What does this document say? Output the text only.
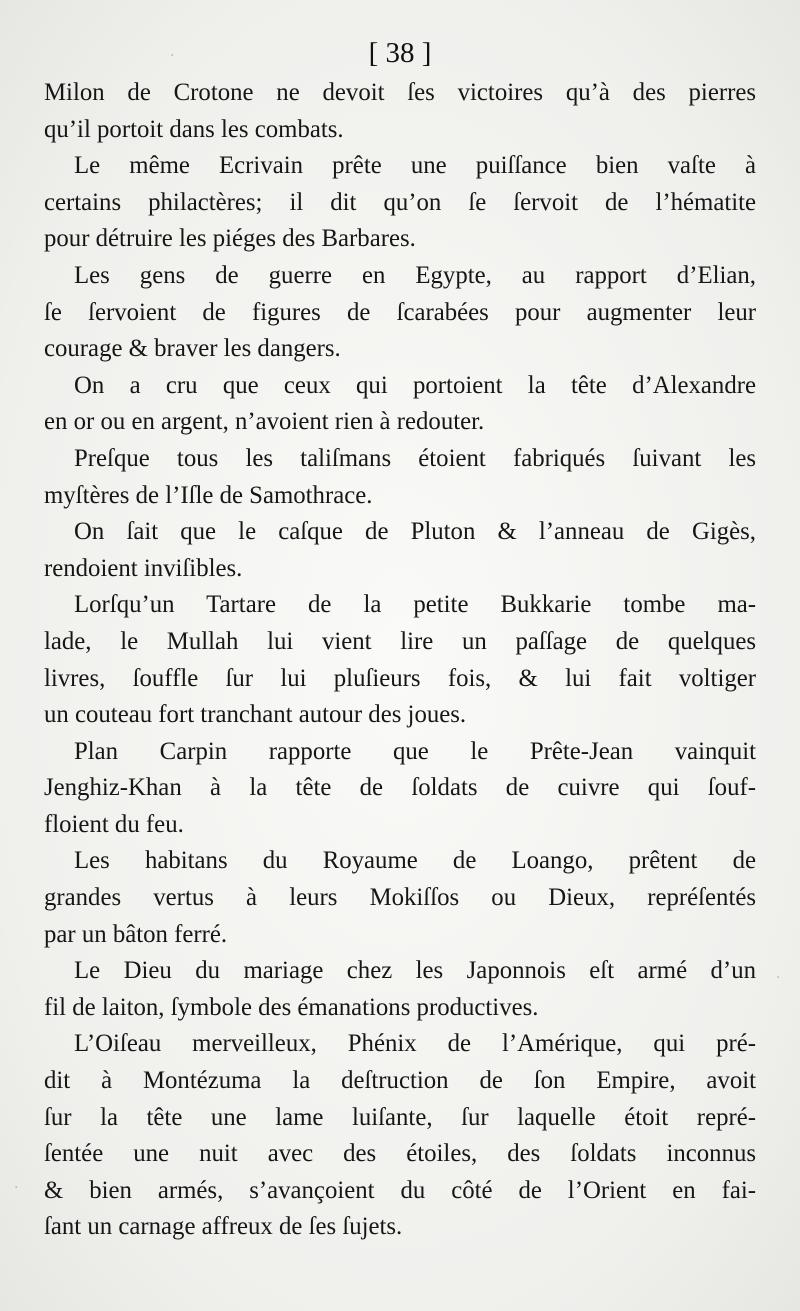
[ 38 ]
Milon de Crotone ne devoit ſes victoires qu’à des pierres
qu’il portoit dans les combats.
Le même Ecrivain prête une puiſſance bien vaſte à
certains philactères; il dit qu’on ſe ſervoit de l’hématite
pour détruire les piéges des Barbares.
Les gens de guerre en Egypte, au rapport d’Elian,
ſe ſervoient de figures de ſcarabées pour augmenter leur
courage & braver les dangers.
On a cru que ceux qui portoient la tête d’Alexandre
en or ou en argent, n’avoient rien à redouter.
Preſque tous les taliſmans étoient fabriqués ſuivant les
myſtères de l’Iſle de Samothrace.
On ſait que le caſque de Pluton & l’anneau de Gigès,
rendoient inviſibles.
Lorſqu’un Tartare de la petite Bukkarie tombe ma-
lade, le Mullah lui vient lire un paſſage de quelques
livres, ſouffle ſur lui pluſieurs fois, & lui fait voltiger
un couteau fort tranchant autour des joues.
Plan Carpin rapporte que le Prête-Jean vainquit
Jenghiz-Khan à la tête de ſoldats de cuivre qui ſouf-
floient du feu.
Les habitans du Royaume de Loango, prêtent de
grandes vertus à leurs Mokiſſos ou Dieux, repréſentés
par un bâton ferré.
Le Dieu du mariage chez les Japonnois eſt armé d’un
fil de laiton, ſymbole des émanations productives.
L’Oiſeau merveilleux, Phénix de l’Amérique, qui pré-
dit à Montézuma la deſtruction de ſon Empire, avoit
ſur la tête une lame luiſante, ſur laquelle étoit repré-
ſentée une nuit avec des étoiles, des ſoldats inconnus
& bien armés, s’avançoient du côté de l’Orient en fai-
ſant un carnage affreux de ſes ſujets.
·
·
·
